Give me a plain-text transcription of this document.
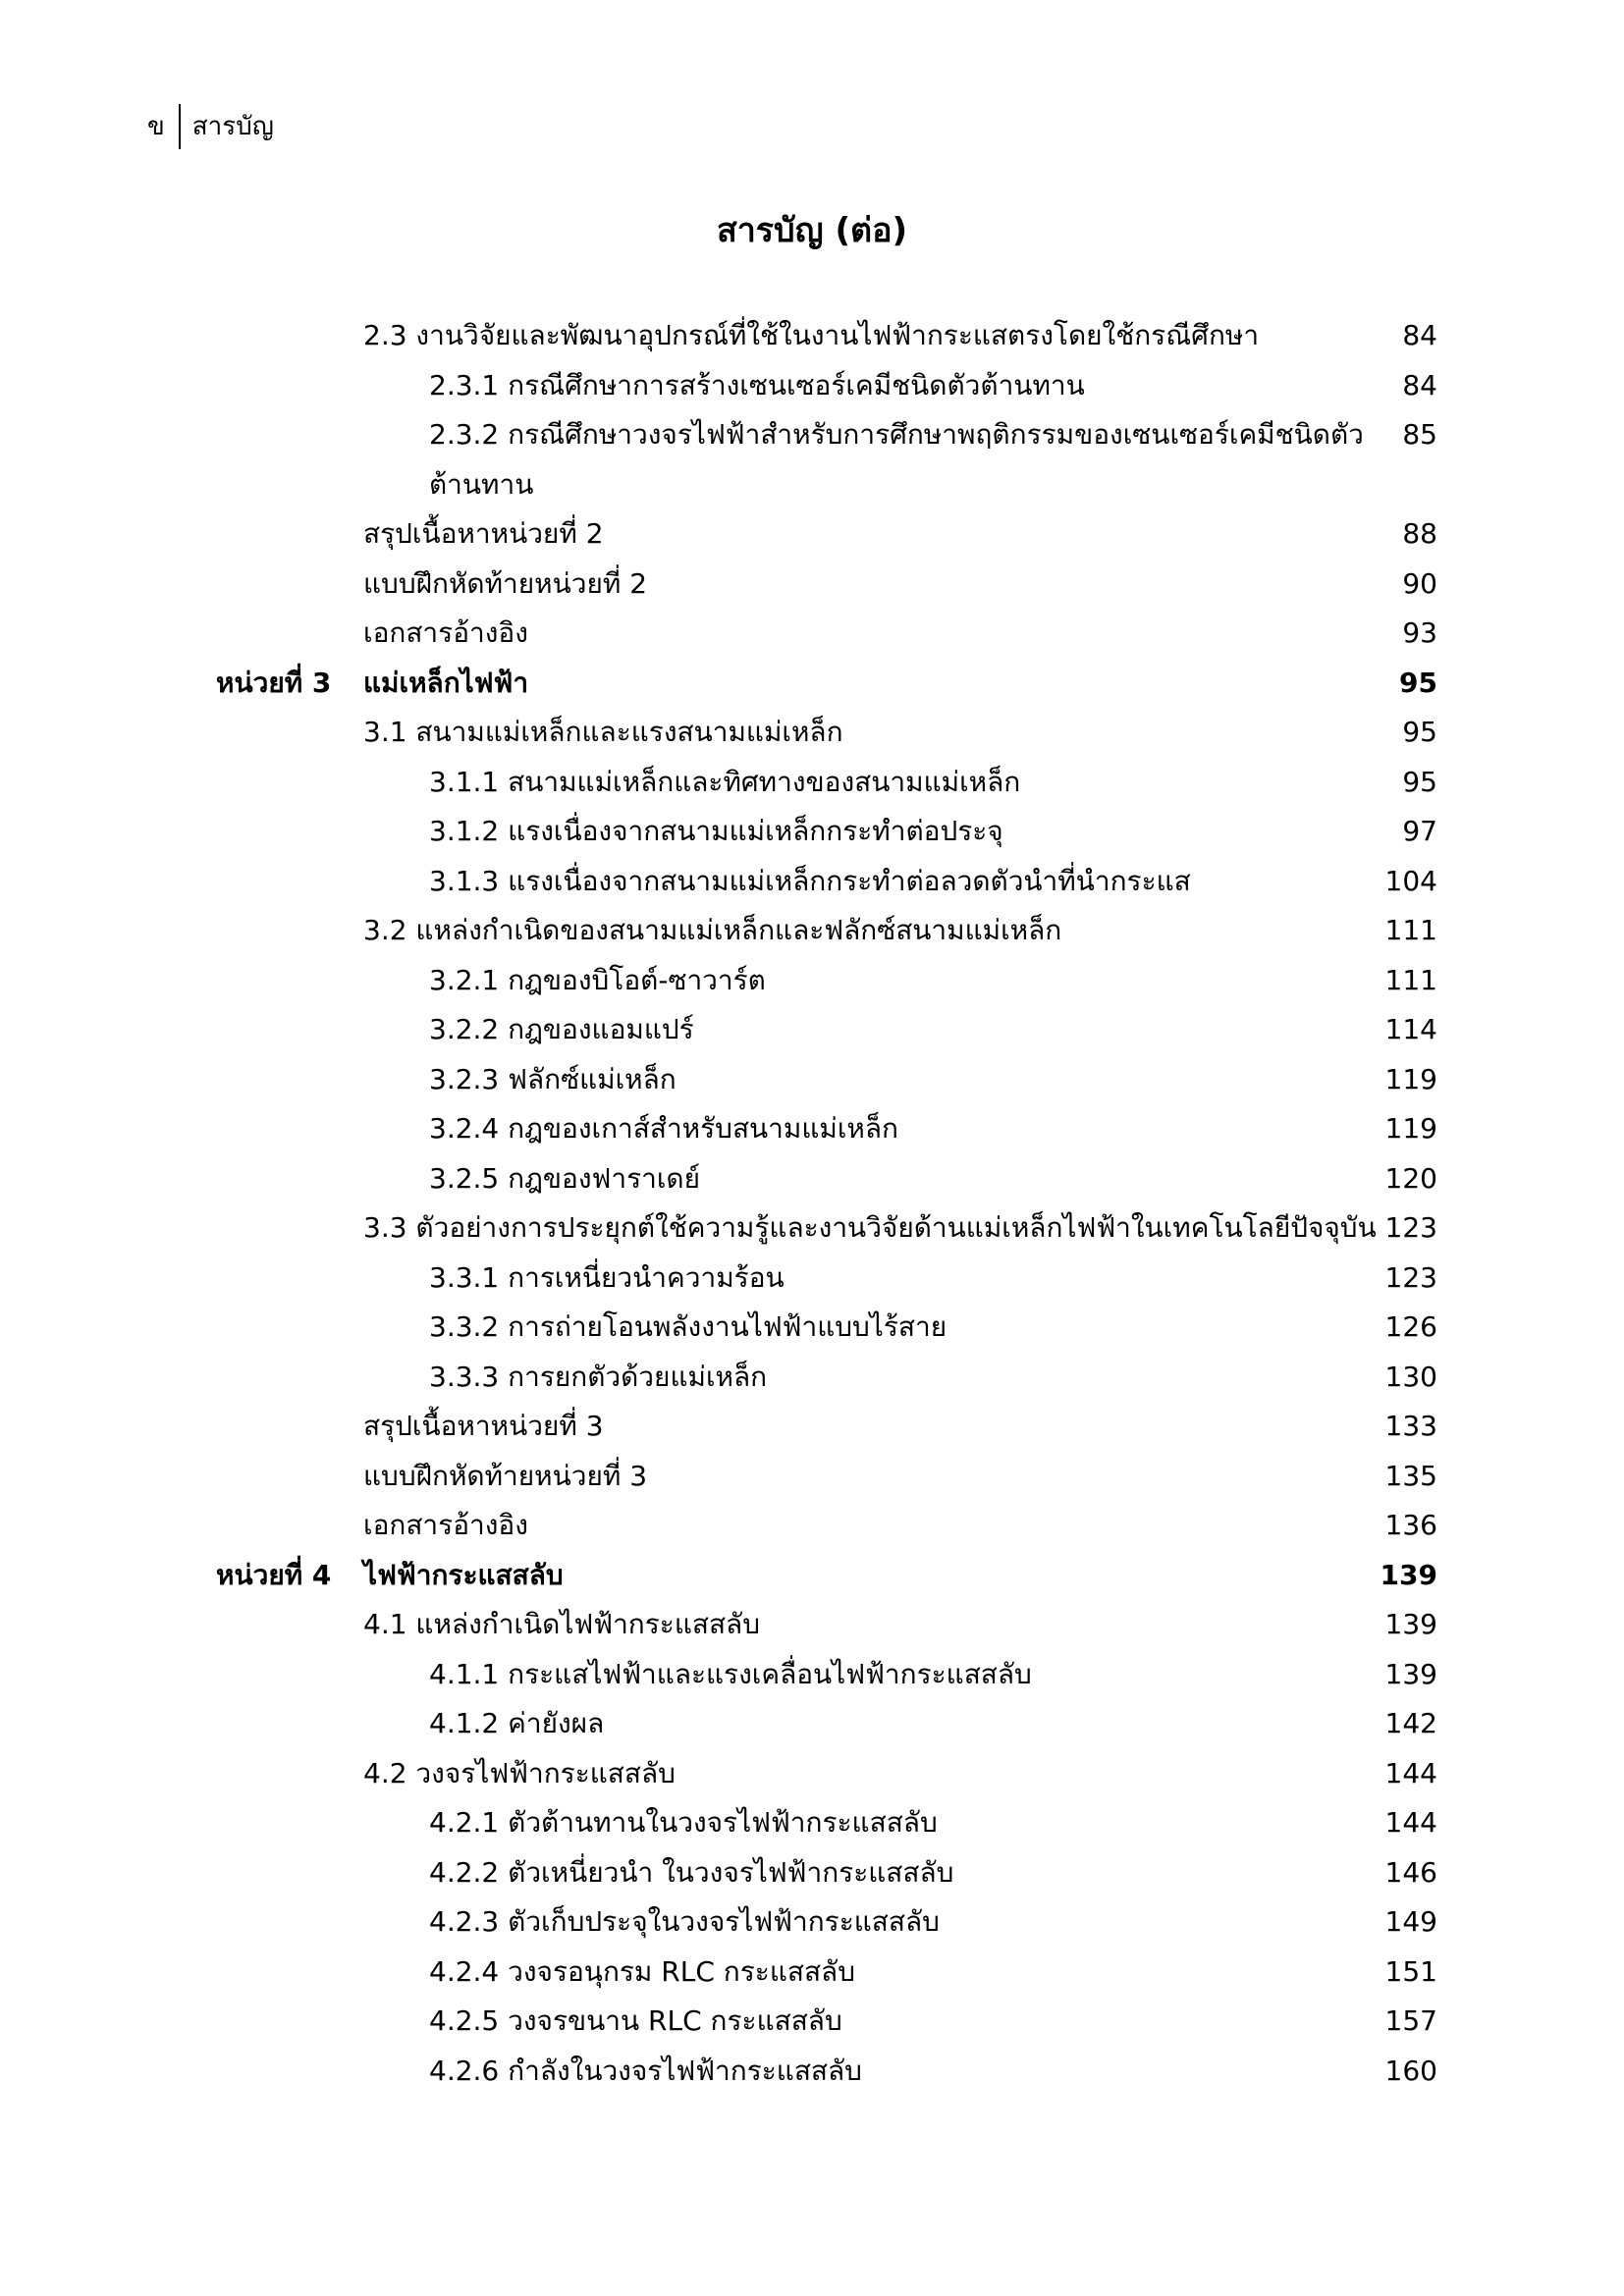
ข สารบัญ
สารบัญ (ต่อ)
2.3 งานวิจัยและพัฒนาอุปกรณ์ที่ใช้ในงานไฟฟ้ากระแสตรงโดยใช้กรณีศึกษา	84
2.3.1 กรณีศึกษาการสร้างเซนเซอร์เคมีชนิดตัวต้านทาน	84
2.3.2 กรณีศึกษาวงจรไฟฟ้าสำหรับการศึกษาพฤติกรรมของเซนเซอร์เคมีชนิดตัว 85
ต้านทาน
สรุปเนื้อหาหน่วยที่ 2	88
แบบฝึกหัดท้ายหน่วยที่ 2	90
เอกสารอ้างอิง	93
หน่วยที่ 3 แม่เหล็กไฟฟ้า	95
3.1 สนามแม่เหล็กและแรงสนามแม่เหล็ก	95
3.1.1 สนามแม่เหล็กและทิศทางของสนามแม่เหล็ก	95
3.1.2 แรงเนื่องจากสนามแม่เหล็กกระทำต่อประจุ	97
3.1.3 แรงเนื่องจากสนามแม่เหล็กกระทำต่อลวดตัวนำที่นำกระแส	104
3.2 แหล่งกำเนิดของสนามแม่เหล็กและฟลักซ์สนามแม่เหล็ก	111
3.2.1 กฎของบิโอต์-ซาวาร์ต	111
3.2.2 กฎของแอมแปร์	114
3.2.3 ฟลักซ์แม่เหล็ก	119
3.2.4 กฎของเกาส์สำหรับสนามแม่เหล็ก	119
3.2.5 กฎของฟาราเดย์	120
3.3 ตัวอย่างการประยุกต์ใช้ความรู้และงานวิจัยด้านแม่เหล็กไฟฟ้าในเทคโนโลยีปัจจุบัน 123
3.3.1 การเหนี่ยวนำความร้อน	123
3.3.2 การถ่ายโอนพลังงานไฟฟ้าแบบไร้สาย	126
3.3.3 การยกตัวด้วยแม่เหล็ก	130
สรุปเนื้อหาหน่วยที่ 3	133
แบบฝึกหัดท้ายหน่วยที่ 3	135
เอกสารอ้างอิง	136
หน่วยที่ 4 ไฟฟ้ากระแสสลับ	139
4.1 แหล่งกำเนิดไฟฟ้ากระแสสลับ	139
4.1.1 กระแสไฟฟ้าและแรงเคลื่อนไฟฟ้ากระแสสลับ	139
4.1.2 ค่ายังผล	142
4.2 วงจรไฟฟ้ากระแสสลับ	144
4.2.1 ตัวต้านทานในวงจรไฟฟ้ากระแสสลับ	144
4.2.2 ตัวเหนี่ยวนำ ในวงจรไฟฟ้ากระแสสลับ	146
4.2.3 ตัวเก็บประจุในวงจรไฟฟ้ากระแสสลับ	149
4.2.4 วงจรอนุกรม RLC กระแสสลับ	151
4.2.5 วงจรขนาน RLC กระแสสลับ	157
4.2.6 กำลังในวงจรไฟฟ้ากระแสสลับ	160
